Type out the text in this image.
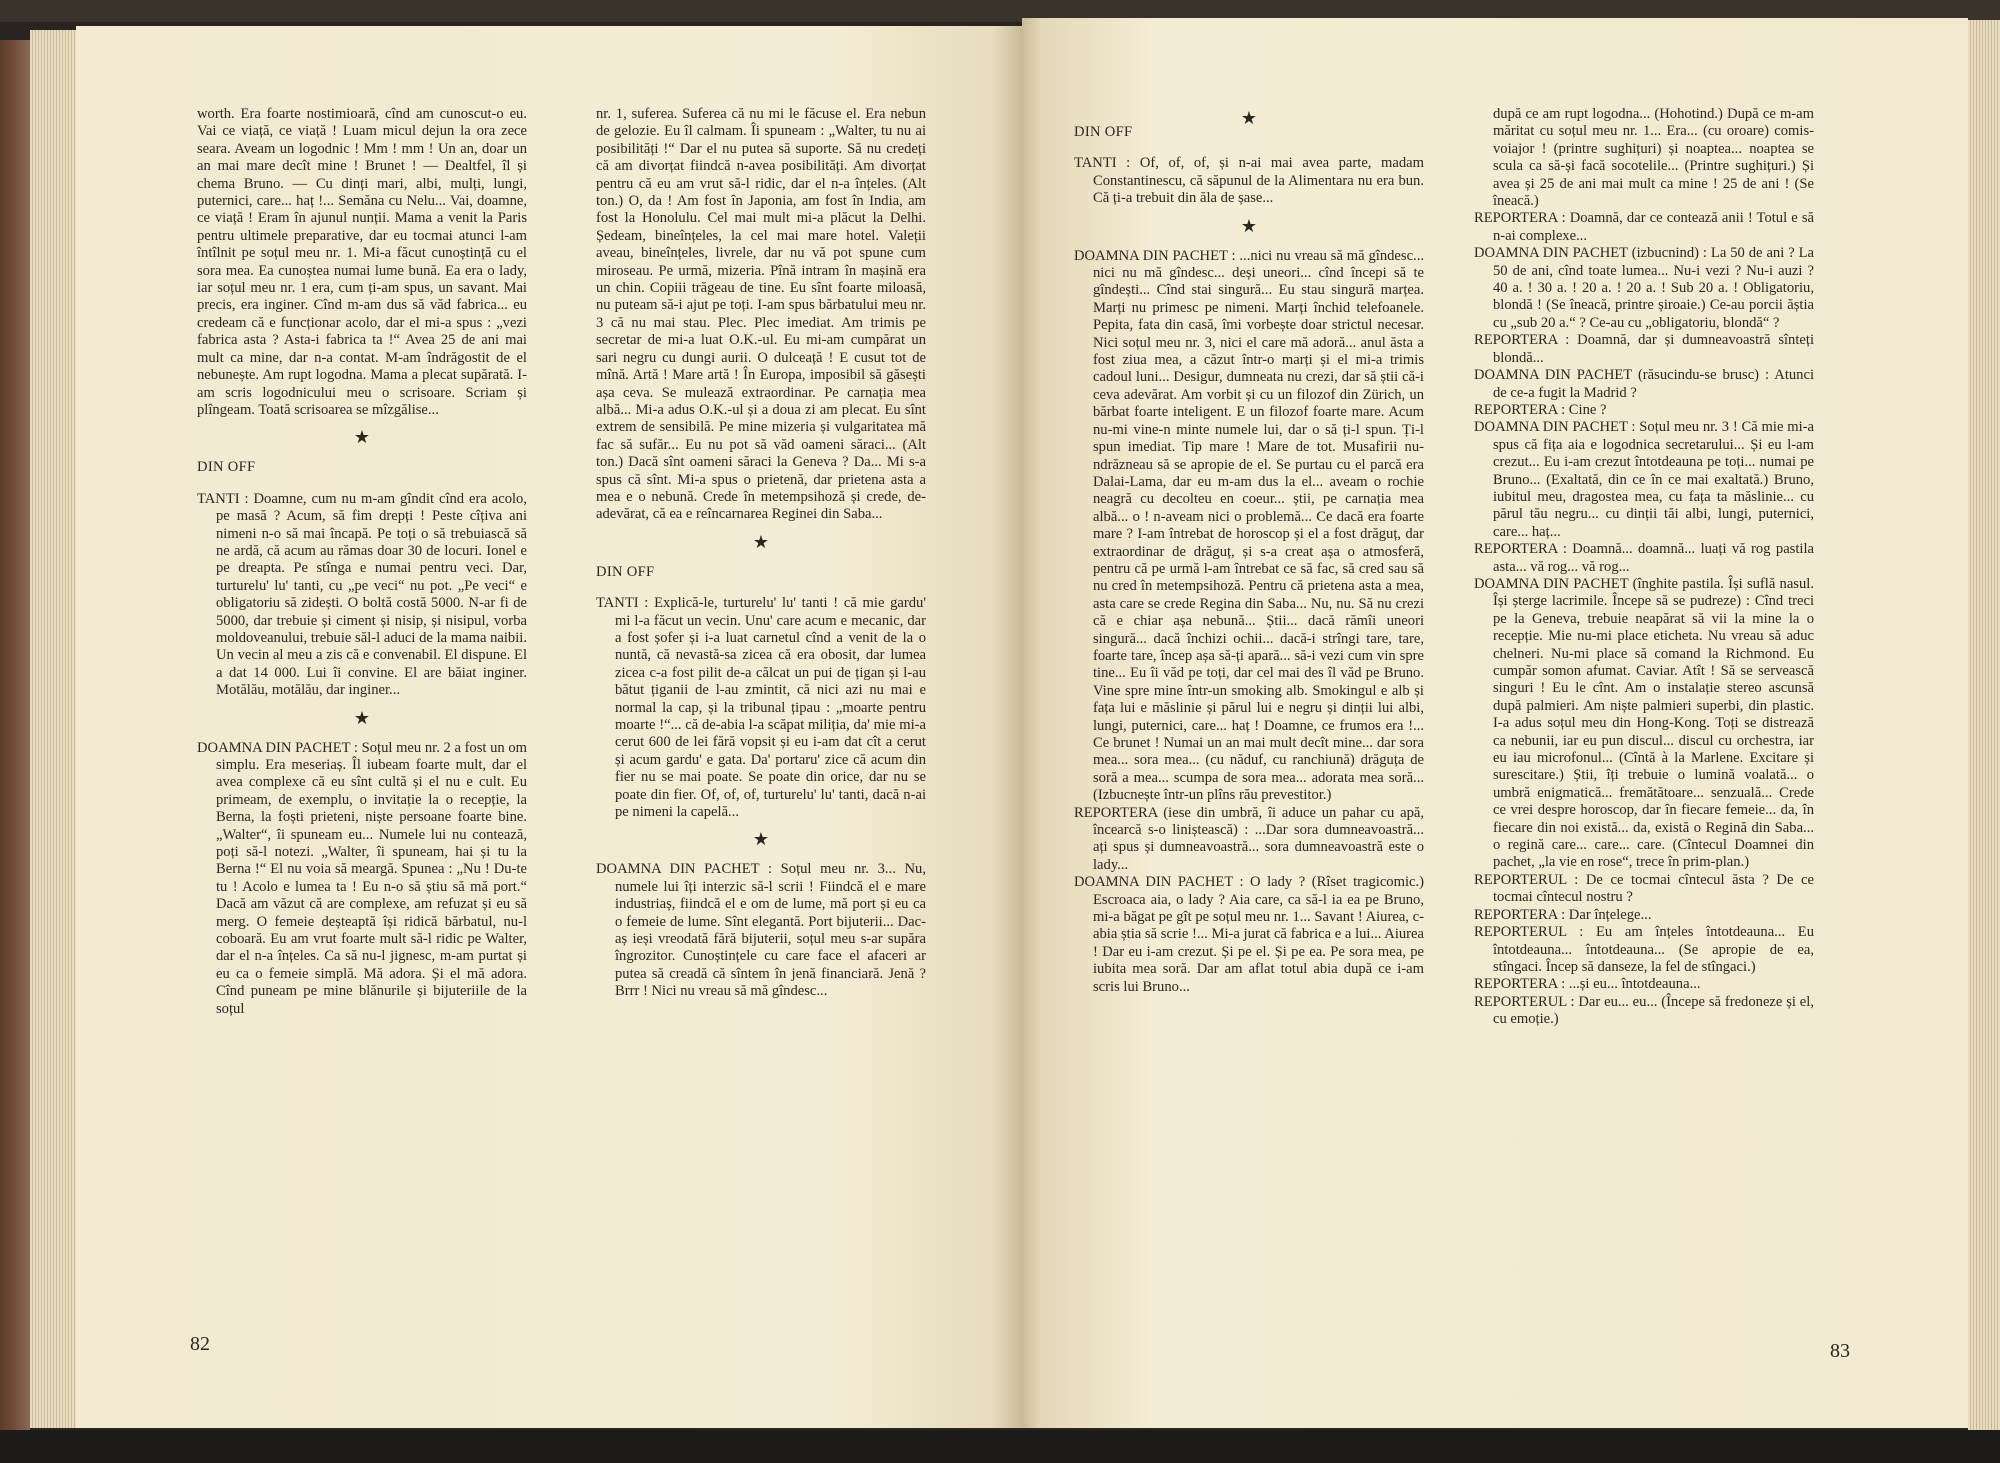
worth. Era foarte nostimioară, cînd am cunoscut-o eu. Vai ce viață, ce viață ! Luam micul dejun la ora zece seara. Aveam un logodnic ! Mm ! mm ! Un an, doar un an mai mare decît mine ! Brunet ! — Dealtfel, îl și chema Bruno. — Cu dinți mari, albi, mulți, lungi, puternici, care... haț !... Semăna cu Nelu... Vai, doamne, ce viață ! Eram în ajunul nunții. Mama a venit la Paris pentru ultimele preparative, dar eu tocmai atunci l-am întîlnit pe soțul meu nr. 1. Mi-a făcut cunoștință cu el sora mea. Ea cunoștea numai lume bună. Ea era o lady, iar soțul meu nr. 1 era, cum ți-am spus, un savant. Mai precis, era inginer. Cînd m-am dus să văd fabrica... eu credeam că e funcționar acolo, dar el mi-a spus : „vezi fabrica asta ? Asta-i fabrica ta !“ Avea 25 de ani mai mult ca mine, dar n-a contat. M-am îndrăgostit de el nebunește. Am rupt logodna. Mama a plecat supărată. I-am scris logodnicului meu o scrisoare. Scriam și plîngeam. Toată scrisoarea se mîzgălise...

★

DIN OFF

TANTI : Doamne, cum nu m-am gîndit cînd era acolo, pe masă ? Acum, să fim drepți ! Peste cîțiva ani nimeni n-o să mai încapă. Pe toți o să trebuiască să ne ardă, că acum au rămas doar 30 de locuri. Ionel e pe dreapta. Pe stînga e numai pentru veci. Dar, turturelu' lu' tanti, cu „pe veci“ nu pot. „Pe veci“ e obligatoriu să zidești. O boltă costă 5000. N-ar fi de 5000, dar trebuie și ciment și nisip, și nisipul, vorba moldoveanului, trebuie săl-l aduci de la mama naibii. Un vecin al meu a zis că e convenabil. El dispune. El a dat 14 000. Lui îi convine. El are băiat inginer. Motălău, motălău, dar inginer...

★

DOAMNA DIN PACHET : Soțul meu nr. 2 a fost un om simplu. Era meseriaș. Îl iubeam foarte mult, dar el avea complexe că eu sînt cultă și el nu e cult. Eu primeam, de exemplu, o invitație la o recepție, la Berna, la foști prieteni, niște persoane foarte bine. „Walter“, îi spuneam eu... Numele lui nu contează, poți să-l notezi. „Walter, îi spuneam, hai și tu la Berna !“ El nu voia să meargă. Spunea : „Nu ! Du-te tu ! Acolo e lumea ta ! Eu n-o să știu să mă port.“ Dacă am văzut că are complexe, am refuzat și eu să merg. O femeie deșteaptă își ridică bărbatul, nu-l coboară. Eu am vrut foarte mult să-l ridic pe Walter, dar el n-a înțeles. Ca să nu-l jignesc, m-am purtat și eu ca o femeie simplă. Mă adora. Și el mă adora. Cînd puneam pe mine blănurile și bijuteriile de la soțul

nr. 1, suferea. Suferea că nu mi le făcuse el. Era nebun de gelozie. Eu îl calmam. Îi spuneam : „Walter, tu nu ai posibilități !“ Dar el nu putea să suporte. Să nu credeți că am divorțat fiindcă n-avea posibilități. Am divorțat pentru că eu am vrut să-l ridic, dar el n-a înțeles. (Alt ton.) O, da ! Am fost în Japonia, am fost în India, am fost la Honolulu. Cel mai mult mi-a plăcut la Delhi. Ședeam, bineînțeles, la cel mai mare hotel. Valeții aveau, bineînțeles, livrele, dar nu vă pot spune cum miroseau. Pe urmă, mizeria. Pînă intram în mașină era un chin. Copiii trăgeau de tine. Eu sînt foarte miloasă, nu puteam să-i ajut pe toți. I-am spus bărbatului meu nr. 3 că nu mai stau. Plec. Plec imediat. Am trimis pe secretar de mi-a luat O.K.-ul. Eu mi-am cumpărat un sari negru cu dungi aurii. O dulceață ! E cusut tot de mînă. Artă ! Mare artă ! În Europa, imposibil să găsești așa ceva. Se mulează extraordinar. Pe carnația mea albă... Mi-a adus O.K.-ul și a doua zi am plecat. Eu sînt extrem de sensibilă. Pe mine mizeria și vulgaritatea mă fac să sufăr... Eu nu pot să văd oameni săraci... (Alt ton.) Dacă sînt oameni săraci la Geneva ? Da... Mi s-a spus că sînt. Mi-a spus o prietenă, dar prietena asta a mea e o nebună. Crede în metempsihoză și crede, de-adevărat, că ea e reîncarnarea Reginei din Saba...

★

DIN OFF

TANTI : Explică-le, turturelu' lu' tanti ! că mie gardu' mi l-a făcut un vecin. Unu' care acum e mecanic, dar a fost șofer și i-a luat carnetul cînd a venit de la o nuntă, că nevastă-sa zicea că era obosit, dar lumea zicea c-a fost pilit de-a călcat un pui de țigan și l-au bătut țiganii de l-au zmintit, că nici azi nu mai e normal la cap, și la tribunal țipau : „moarte pentru moarte !“... că de-abia l-a scăpat miliția, da' mie mi-a cerut 600 de lei fără vopsit și eu i-am dat cît a cerut și acum gardu' e gata. Da' portaru' zice că acum din fier nu se mai poate. Se poate din orice, dar nu se poate din fier. Of, of, of, turturelu' lu' tanti, dacă n-ai pe nimeni la capelă...

★

DOAMNA DIN PACHET : Soțul meu nr. 3... Nu, numele lui îți interzic să-l scrii ! Fiindcă el e mare industriaș, fiindcă el e om de lume, mă port și eu ca o femeie de lume. Sînt elegantă. Port bijuterii... Dac-aș ieși vreodată fără bijuterii, soțul meu s-ar supăra îngrozitor. Cunoștințele cu care face el afaceri ar putea să creadă că sîntem în jenă financiară. Jenă ? Brrr ! Nici nu vreau să mă gîndesc...

82
★

DIN OFF

TANTI : Of, of, of, și n-ai mai avea parte, madam Constantinescu, că săpunul de la Alimentara nu era bun. Că ți-a trebuit din ăla de șase...

★

DOAMNA DIN PACHET : ...nici nu vreau să mă gîndesc... nici nu mă gîndesc... deși uneori... cînd începi să te gîndești... Cînd stai singură... Eu stau singură marțea. Marți nu primesc pe nimeni. Marți închid telefoanele. Pepita, fata din casă, îmi vorbește doar strictul necesar. Nici soțul meu nr. 3, nici el care mă adoră... anul ăsta a fost ziua mea, a căzut într-o marți și el mi-a trimis cadoul luni... Desigur, dumneata nu crezi, dar să știi că-i ceva adevărat. Am vorbit și cu un filozof din Zürich, un bărbat foarte inteligent. E un filozof foarte mare. Acum nu-mi vine-n minte numele lui, dar o să ți-l spun. Ți-l spun imediat. Tip mare ! Mare de tot. Musafirii nu-ndrăzneau să se apropie de el. Se purtau cu el parcă era Dalai-Lama, dar eu m-am dus la el... aveam o rochie neagră cu decolteu en coeur... știi, pe carnația mea albă... o ! n-aveam nici o problemă... Ce dacă era foarte mare ? I-am întrebat de horoscop și el a fost drăguț, dar extraordinar de drăguț, și s-a creat așa o atmosferă, pentru că pe urmă l-am întrebat ce să fac, să cred sau să nu cred în metempsihoză. Pentru că prietena asta a mea, asta care se crede Regina din Saba... Nu, nu. Să nu crezi că e chiar așa nebună... Știi... dacă rămîi uneori singură... dacă închizi ochii... dacă-i strîngi tare, tare, foarte tare, încep așa să-ți apară... să-i vezi cum vin spre tine... Eu îi văd pe toți, dar cel mai des îl văd pe Bruno. Vine spre mine într-un smoking alb. Smokingul e alb și fața lui e măslinie și părul lui e negru și dinții lui albi, lungi, puternici, care... haț ! Doamne, ce frumos era !... Ce brunet ! Numai un an mai mult decît mine... dar sora mea... sora mea... (cu năduf, cu ranchiună) drăguța de soră a mea... scumpa de sora mea... adorata mea soră... (Izbucnește într-un plîns rău prevestitor.)

REPORTERA (iese din umbră, îi aduce un pahar cu apă, încearcă s-o liniștească) : ...Dar sora dumneavoastră... ați spus și dumneavoastră... sora dumneavoastră este o lady...

DOAMNA DIN PACHET : O lady ? (Rîset tragicomic.) Escroaca aia, o lady ? Aia care, ca să-l ia ea pe Bruno, mi-a băgat pe gît pe soțul meu nr. 1... Savant ! Aiurea, c-abia știa să scrie !... Mi-a jurat că fabrica e a lui... Aiurea ! Dar eu i-am crezut. Și pe el. Și pe ea. Pe sora mea, pe iubita mea soră. Dar am aflat totul abia după ce i-am scris lui Bruno...

după ce am rupt logodna... (Hohotind.) După ce m-am măritat cu soțul meu nr. 1... Era... (cu oroare) comis-voiajor ! (printre sughițuri) și noaptea... noaptea se scula ca să-și facă socotelile... (Printre sughițuri.) Și avea și 25 de ani mai mult ca mine ! 25 de ani ! (Se îneacă.)

REPORTERA : Doamnă, dar ce contează anii ! Totul e să n-ai complexe...

DOAMNA DIN PACHET (izbucnind) : La 50 de ani ? La 50 de ani, cînd toate lumea... Nu-i vezi ? Nu-i auzi ? 40 a. ! 30 a. ! 20 a. ! 20 a. ! Sub 20 a. ! Obligatoriu, blondă ! (Se îneacă, printre șiroaie.) Ce-au porcii ăștia cu „sub 20 a.“ ? Ce-au cu „obligatoriu, blondă“ ?

REPORTERA : Doamnă, dar și dumneavoastră sînteți blondă...

DOAMNA DIN PACHET (răsucindu-se brusc) : Atunci de ce-a fugit la Madrid ?

REPORTERA : Cine ?

DOAMNA DIN PACHET : Soțul meu nr. 3 ! Că mie mi-a spus că fița aia e logodnica secretarului... Și eu l-am crezut... Eu i-am crezut întotdeauna pe toți... numai pe Bruno... (Exaltată, din ce în ce mai exaltată.) Bruno, iubitul meu, dragostea mea, cu fața ta măslinie... cu părul tău negru... cu dinții tăi albi, lungi, puternici, care... haț...

REPORTERA : Doamnă... doamnă... luați vă rog pastila asta... vă rog... vă rog...

DOAMNA DIN PACHET (înghite pastila. Își suflă nasul. Își șterge lacrimile. Începe să se pudreze) : Cînd treci pe la Geneva, trebuie neapărat să vii la mine la o recepție. Mie nu-mi place eticheta. Nu vreau să aduc chelneri. Nu-mi place să comand la Richmond. Eu cumpăr somon afumat. Caviar. Atît ! Să se servească singuri ! Eu le cînt. Am o instalație stereo ascunsă după palmieri. Am niște palmieri superbi, din plastic. I-a adus soțul meu din Hong-Kong. Toți se distrează ca nebunii, iar eu pun discul... discul cu orchestra, iar eu iau microfonul... (Cîntă à la Marlene. Excitare și surescitare.) Știi, îți trebuie o lumină voalată... o umbră enigmatică... fremătătoare... senzuală... Crede ce vrei despre horoscop, dar în fiecare femeie... da, în fiecare din noi există... da, există o Regină din Saba... o regină care... care... care. (Cîntecul Doamnei din pachet, „la vie en rose“, trece în prim-plan.)

REPORTERUL : De ce tocmai cîntecul ăsta ? De ce tocmai cîntecul nostru ?

REPORTERA : Dar înțelege...

REPORTERUL : Eu am înțeles întotdeauna... Eu întotdeauna... întotdeauna... (Se apropie de ea, stîngaci. Încep să danseze, la fel de stîngaci.)

REPORTERA : ...și eu... întotdeauna...

REPORTERUL : Dar eu... eu... (Începe să fredoneze și el, cu emoție.)

83
